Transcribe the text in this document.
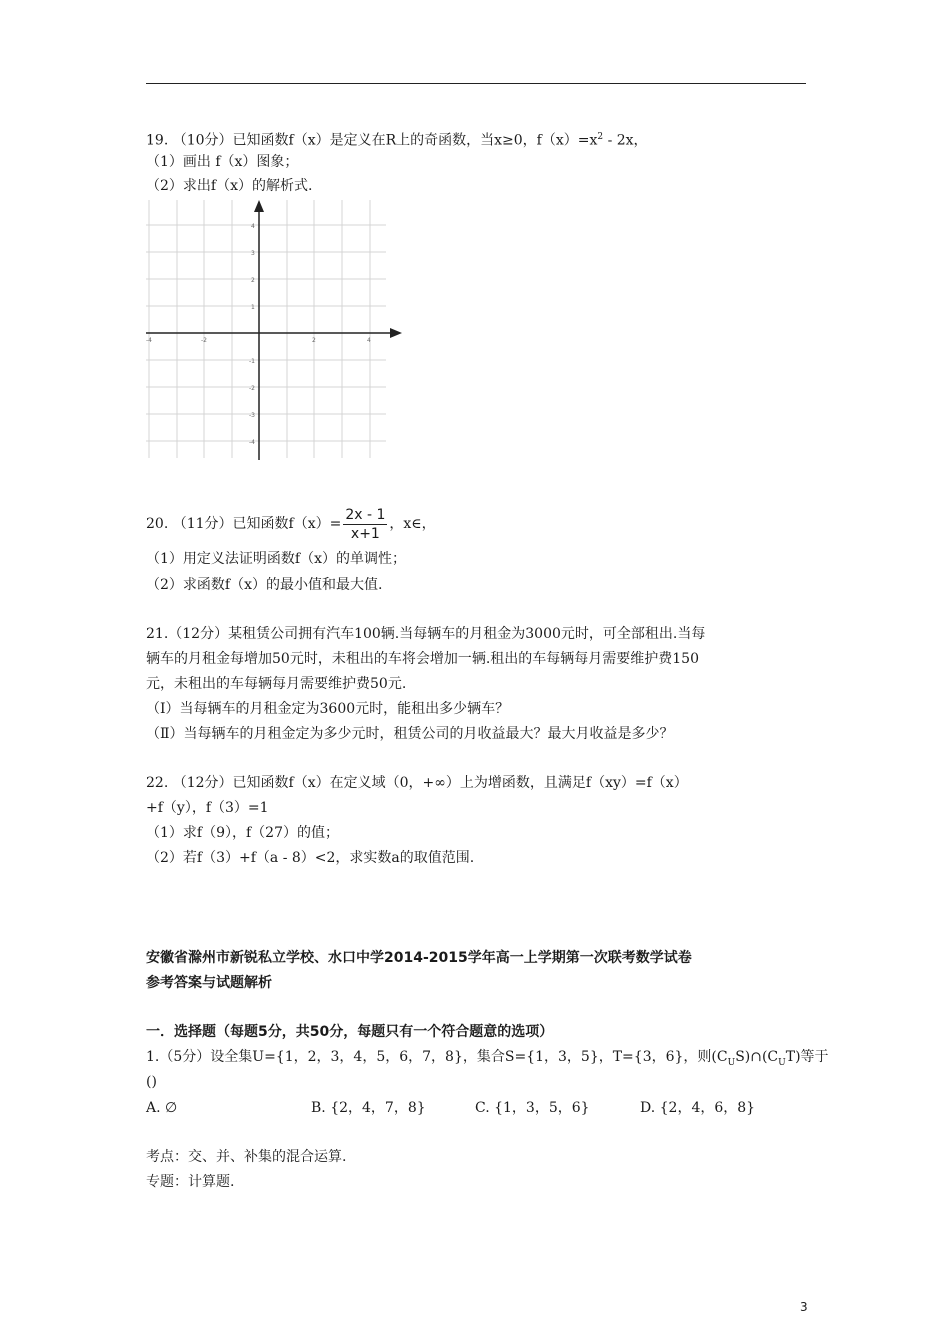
19. （10分）已知函数f（x）是定义在R上的奇函数，当x≥0，$f(x)=x^2 - 2x$，
（1）画出 f（x）图象；
（2）求出f（x）的解析式.
-4	-2	2	4
4
3
2
1
-1
-2
-3
-4
20. （11分）已知函数$f(x)= \frac{2x - 1}{x+1}$ ，x∈，
（1）用定义法证明函数f（x）的单调性；
（2）求函数f（x）的最小值和最大值.
21.（12分）某租赁公司拥有汽车100辆.当每辆车的月租金为3000元时，可全部租出.当每
辆车的月租金每增加50元时，未租出的车将会增加一辆.租出的车每辆每月需要维护费150
元，未租出的车每辆每月需要维护费50元.
（Ⅰ）当每辆车的月租金定为3600元时，能租出多少辆车？
（Ⅱ）当每辆车的月租金定为多少元时，租赁公司的月收益最大？最大月收益是多少？
22. （12分）已知函数f（x）在定义域（0，+∞）上为增函数，且满足f（xy）=f（x）
+f（y），f（3）=1
（1）求f（9），f（27）的值；
（2）若f（3）+f（a - 8）<2，求实数a的取值范围.
安徽省滁州市新锐私立学校、水口中学2014-2015学年高一上学期第一次联考数学试卷
参考答案与试题解析
一．选择题（每题5分，共50分，每题只有一个符合题意的选项）
1.（5分）设全集U={1，2，3，4，5，6，7，8}，集合S={1，3，5}，T={3，6}，则$(C_US)\cap(C_UT)$等于
()
A. ∅	B. {2，4，7，8}	C. {1，3，5，6}	D. {2，4，6，8}
考点：交、并、补集的混合运算.
专题：计算题.
3
